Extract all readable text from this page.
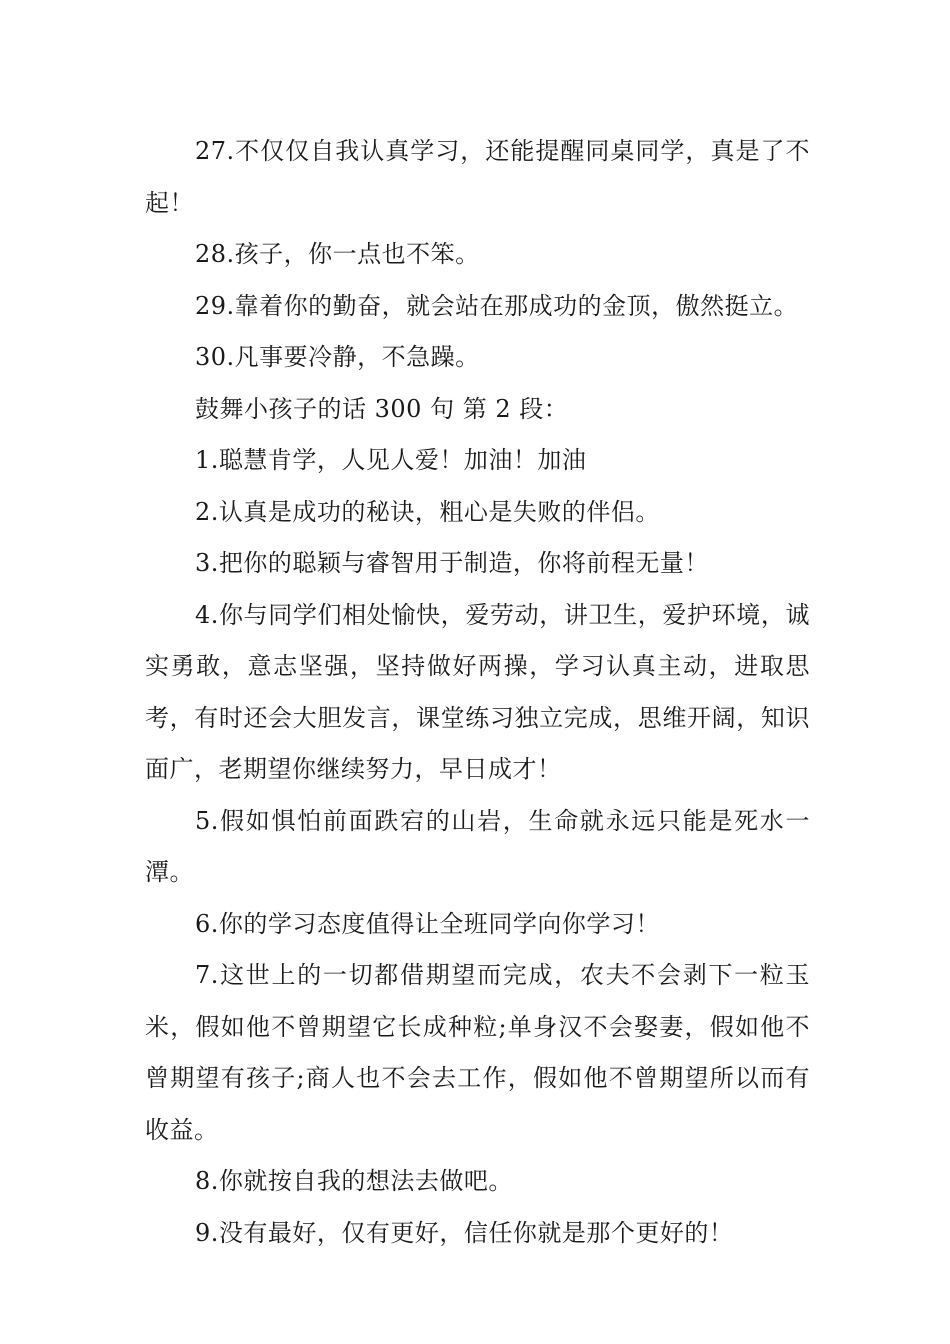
27.不仅仅自我认真学习，还能提醒同桌同学，真是了不起！

28.孩子，你一点也不笨。

29.靠着你的勤奋，就会站在那成功的金顶，傲然挺立。

30.凡事要冷静，不急躁。

鼓舞小孩子的话 300 句 第 2 段：

1.聪慧肯学，人见人爱！加油！加油

2.认真是成功的秘诀，粗心是失败的伴侣。

3.把你的聪颖与睿智用于制造，你将前程无量！

4.你与同学们相处愉快，爱劳动，讲卫生，爱护环境，诚实勇敢，意志坚强，坚持做好两操，学习认真主动，进取思考，有时还会大胆发言，课堂练习独立完成，思维开阔，知识面广，老期望你继续努力，早日成才！

5.假如惧怕前面跌宕的山岩，生命就永远只能是死水一潭。

6.你的学习态度值得让全班同学向你学习！

7.这世上的一切都借期望而完成，农夫不会剥下一粒玉米，假如他不曾期望它长成种粒;单身汉不会娶妻，假如他不曾期望有孩子;商人也不会去工作，假如他不曾期望所以而有收益。

8.你就按自我的想法去做吧。

9.没有最好，仅有更好，信任你就是那个更好的！
